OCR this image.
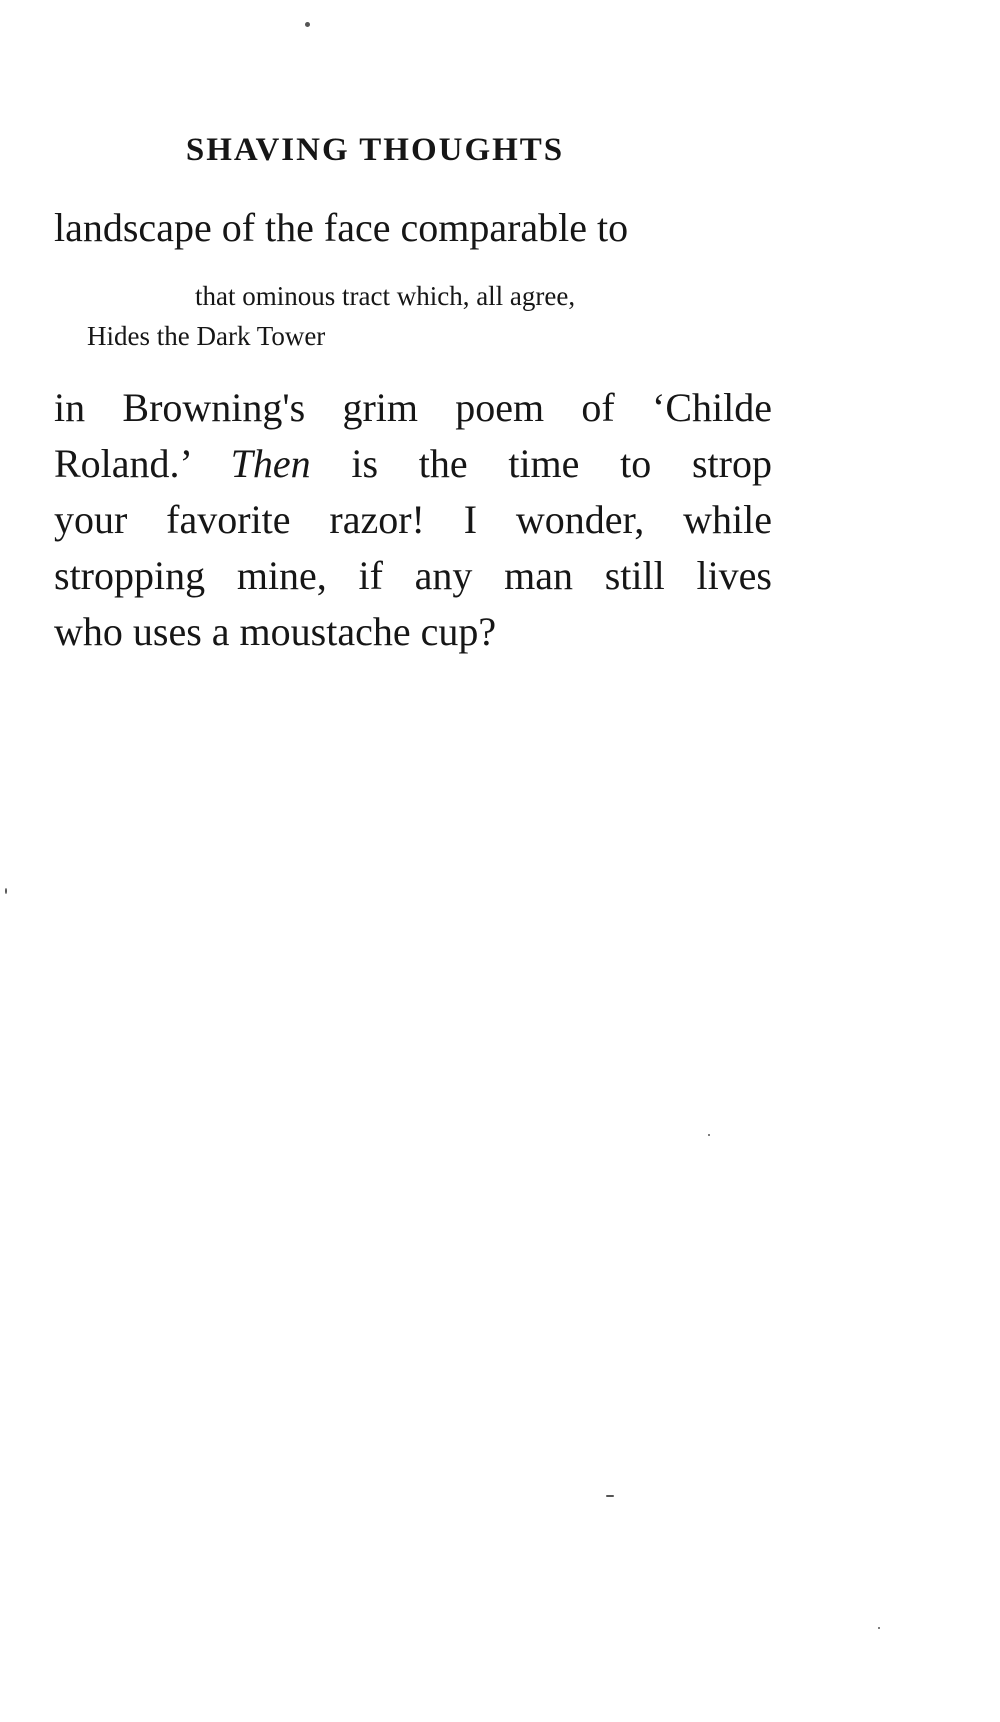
SHAVING THOUGHTS
landscape of the face comparable to
that ominous tract which, all agree,
Hides the Dark Tower
in Browning's grim poem of ‘Childe
Roland.’ Then is the time to strop
your favorite razor! I wonder, while
stropping mine, if any man still lives
who uses a moustache cup?
